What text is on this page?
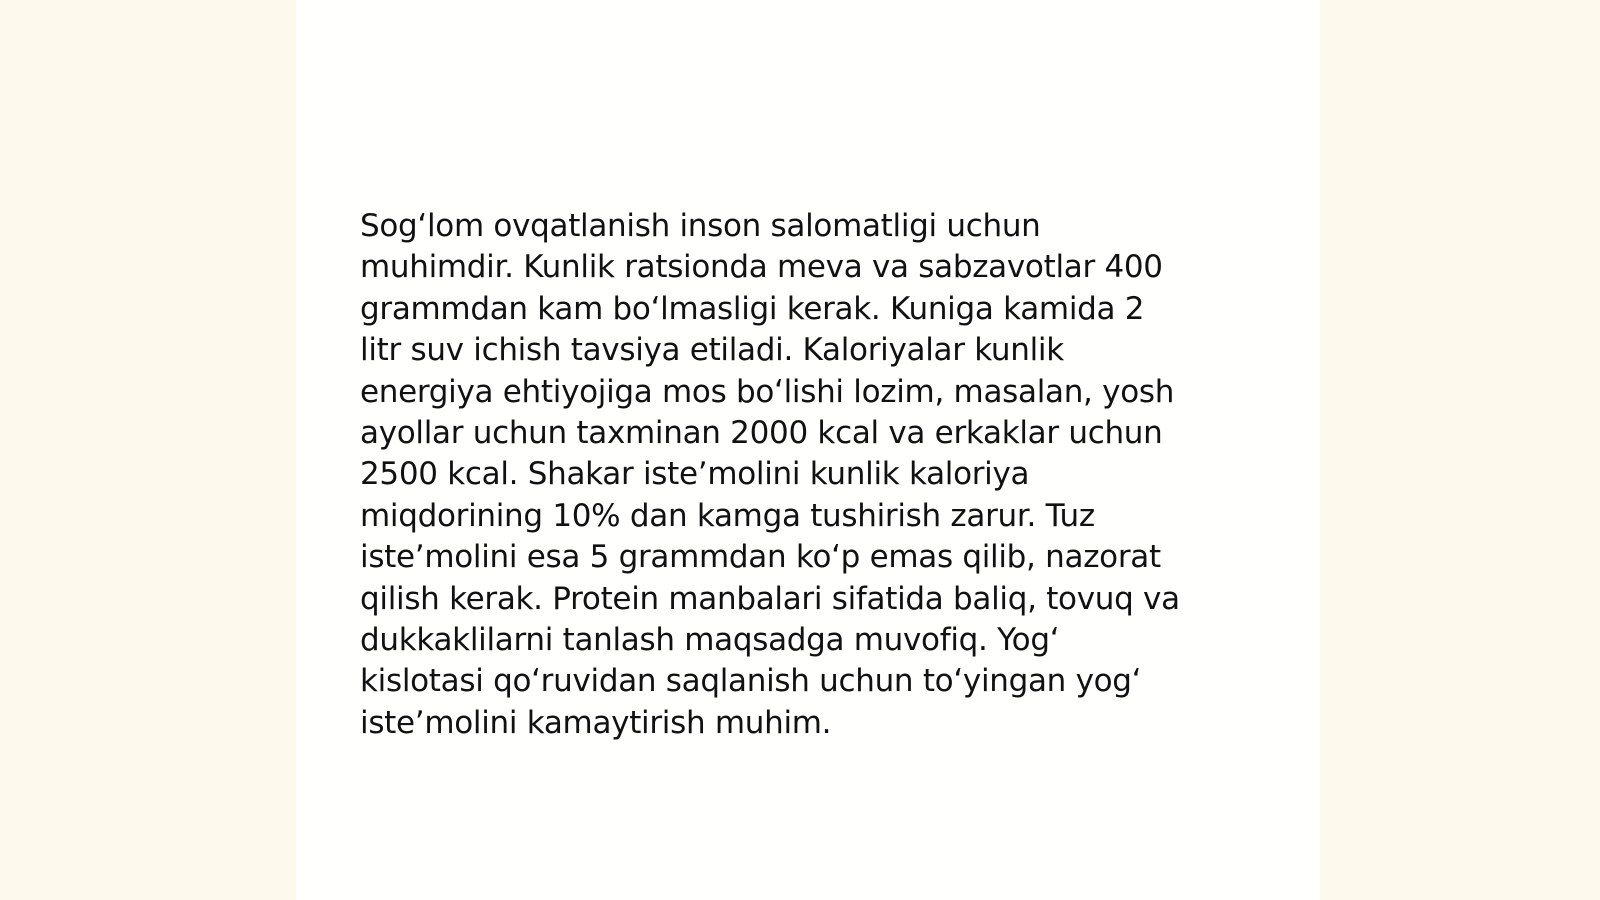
Sog‘lom ovqatlanish inson salomatligi uchun
muhimdir. Kunlik ratsionda meva va sabzavotlar 400
grammdan kam bo‘lmasligi kerak. Kuniga kamida 2
litr suv ichish tavsiya etiladi. Kaloriyalar kunlik
energiya ehtiyojiga mos bo‘lishi lozim, masalan, yosh
ayollar uchun taxminan 2000 kcal va erkaklar uchun
2500 kcal. Shakar iste’molini kunlik kaloriya
miqdorining 10% dan kamga tushirish zarur. Tuz
iste’molini esa 5 grammdan ko‘p emas qilib, nazorat
qilish kerak. Protein manbalari sifatida baliq, tovuq va
dukkaklilarni tanlash maqsadga muvofiq. Yog‘
kislotasi qo‘ruvidan saqlanish uchun to‘yingan yog‘
iste’molini kamaytirish muhim.
